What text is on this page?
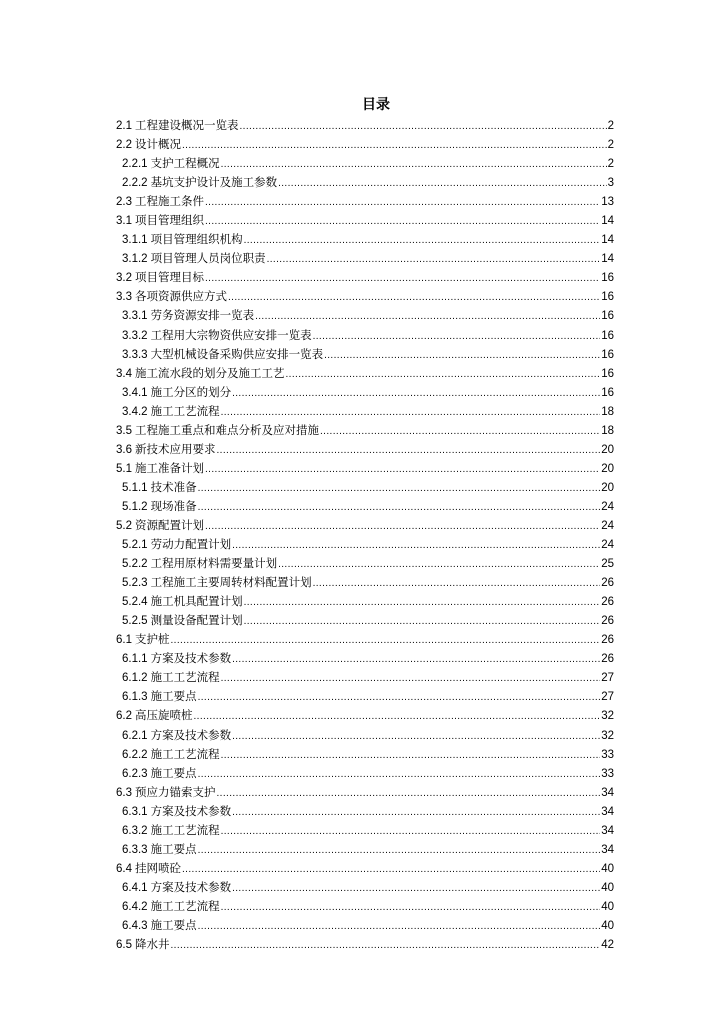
目录
2.1 工程建设概况一览表 .....	2
2.2 设计概况 .....	2
2.2.1 支护工程概况 .....	2
2.2.2 基坑支护设计及施工参数 .....	3
2.3 工程施工条件 .....	13
3.1 项目管理组织 .....	14
3.1.1 项目管理组织机构 .....	14
3.1.2 项目管理人员岗位职责 .....	14
3.2 项目管理目标 .....	16
3.3 各项资源供应方式 .....	16
3.3.1 劳务资源安排一览表 .....	16
3.3.2 工程用大宗物资供应安排一览表 .....	16
3.3.3 大型机械设备采购供应安排一览表 .....	16
3.4 施工流水段的划分及施工工艺 .....	16
3.4.1 施工分区的划分 .....	16
3.4.2 施工工艺流程 .....	18
3.5 工程施工重点和难点分析及应对措施 .....	18
3.6 新技术应用要求 .....	20
5.1 施工准备计划 .....	20
5.1.1 技术准备 .....	20
5.1.2 现场准备 .....	24
5.2 资源配置计划 .....	24
5.2.1 劳动力配置计划 .....	24
5.2.2 工程用原材料需要量计划 .....	25
5.2.3 工程施工主要周转材料配置计划 .....	26
5.2.4 施工机具配置计划 .....	26
5.2.5 测量设备配置计划 .....	26
6.1 支护桩 .....	26
6.1.1 方案及技术参数 .....	26
6.1.2 施工工艺流程 .....	27
6.1.3 施工要点 .....	27
6.2 高压旋喷桩 .....	32
6.2.1 方案及技术参数 .....	32
6.2.2 施工工艺流程 .....	33
6.2.3 施工要点 .....	33
6.3 预应力锚索支护 .....	34
6.3.1 方案及技术参数 .....	34
6.3.2 施工工艺流程 .....	34
6.3.3 施工要点 .....	34
6.4 挂网喷砼 .....	40
6.4.1 方案及技术参数 .....	40
6.4.2 施工工艺流程 .....	40
6.4.3 施工要点 .....	40
6.5 降水井 .....	42
